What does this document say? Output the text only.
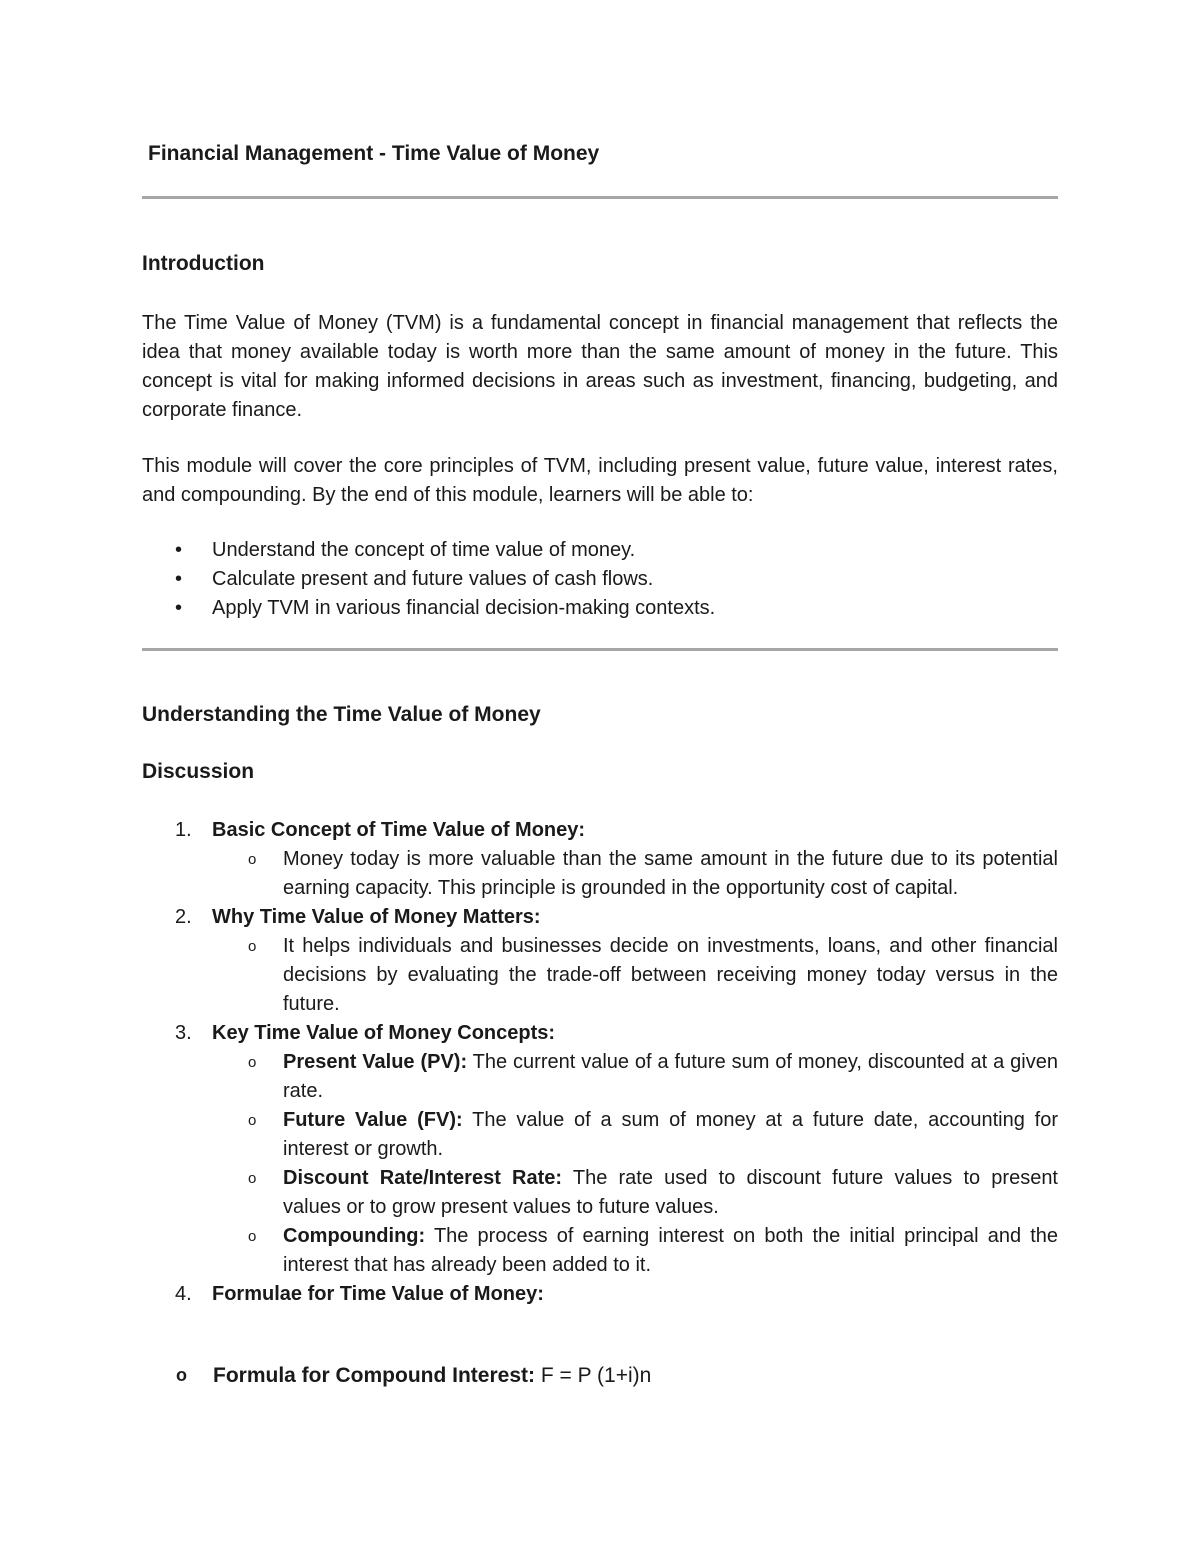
Financial Management - Time Value of Money
Introduction
The Time Value of Money (TVM) is a fundamental concept in financial management that reflects the idea that money available today is worth more than the same amount of money in the future. This concept is vital for making informed decisions in areas such as investment, financing, budgeting, and corporate finance.
This module will cover the core principles of TVM, including present value, future value, interest rates, and compounding. By the end of this module, learners will be able to:
• Understand the concept of time value of money.
• Calculate present and future values of cash flows.
• Apply TVM in various financial decision-making contexts.
Understanding the Time Value of Money
Discussion
1. Basic Concept of Time Value of Money:
o Money today is more valuable than the same amount in the future due to its potential earning capacity. This principle is grounded in the opportunity cost of capital.
2. Why Time Value of Money Matters:
o It helps individuals and businesses decide on investments, loans, and other financial decisions by evaluating the trade-off between receiving money today versus in the future.
3. Key Time Value of Money Concepts:
o Present Value (PV): The current value of a future sum of money, discounted at a given rate.
o Future Value (FV): The value of a sum of money at a future date, accounting for interest or growth.
o Discount Rate/Interest Rate: The rate used to discount future values to present values or to grow present values to future values.
o Compounding: The process of earning interest on both the initial principal and the interest that has already been added to it.
4. Formulae for Time Value of Money:
o Formula for Compound Interest: F = P (1+i)n
